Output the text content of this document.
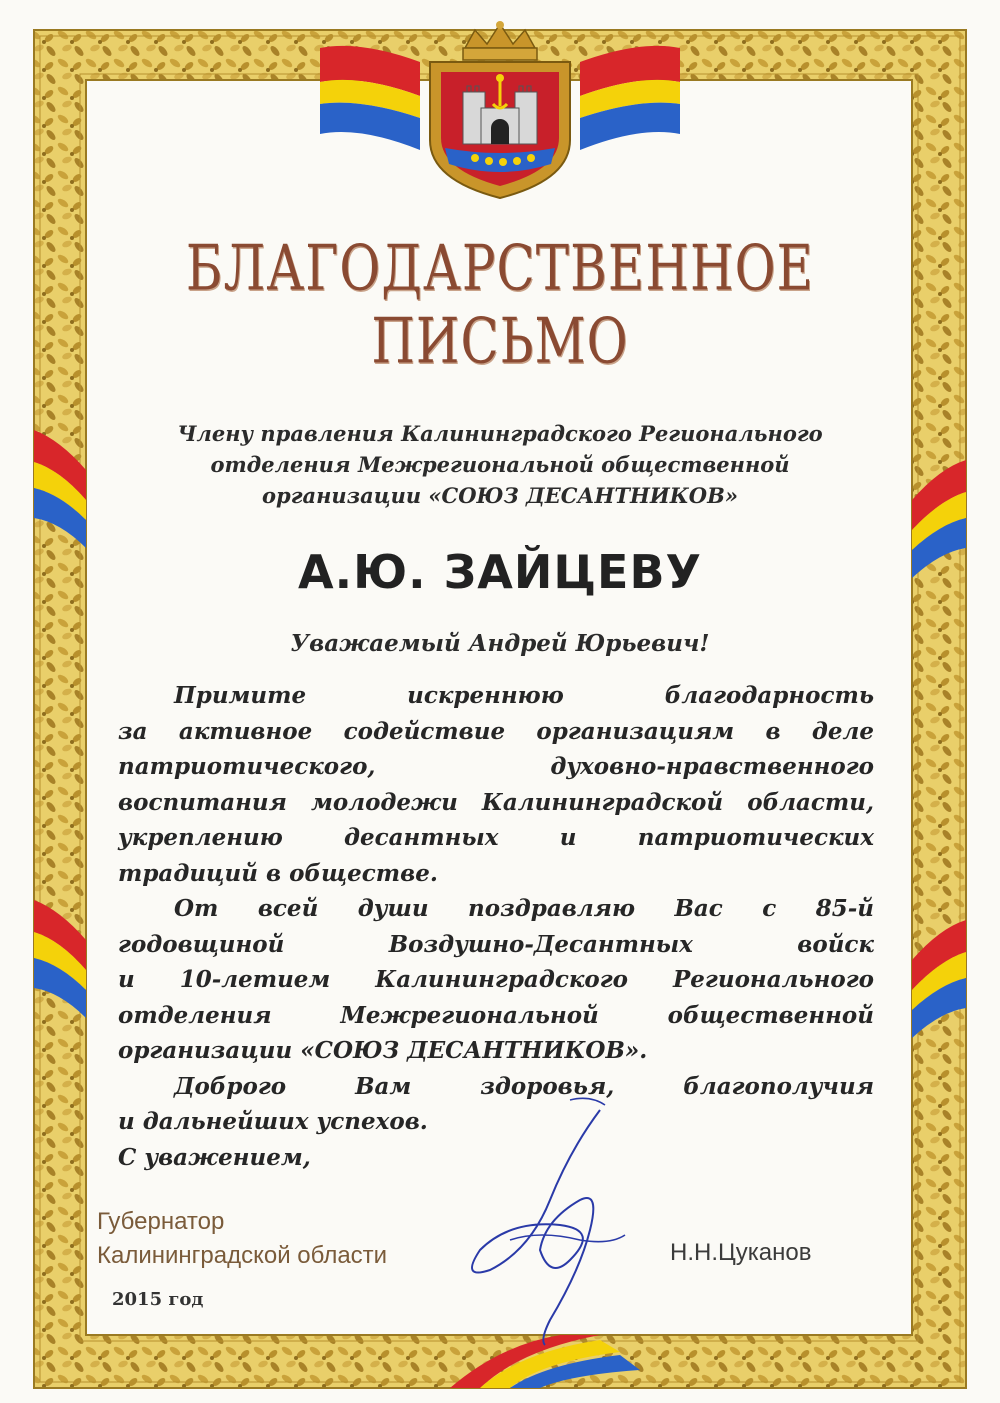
БЛАГОДАРСТВЕННОЕ
ПИСЬМО
Члену правления Калининградского Регионального
отделения Межрегиональной общественной
организации «СОЮЗ ДЕСАНТНИКОВ»
А.Ю. ЗАЙЦЕВУ
Уважаемый Андрей Юрьевич!

Примите искреннюю благодарность

за активное содействие организациям в деле

патриотического, духовно-нравственного

воспитания молодежи Калининградской области,

укреплению десантных и патриотических

традиций в обществе.

От всей души поздравляю Вас с 85-й

годовщиной Воздушно-Десантных войск

и 10-летием Калининградского Регионального

отделения Межрегиональной общественной

организации «СОЮЗ ДЕСАНТНИКОВ».

Доброго Вам здоровья, благополучия

и дальнейших успехов.

С уважением,

Губернатор
Калининградской области	Н.Н.Цуканов
2015 год
